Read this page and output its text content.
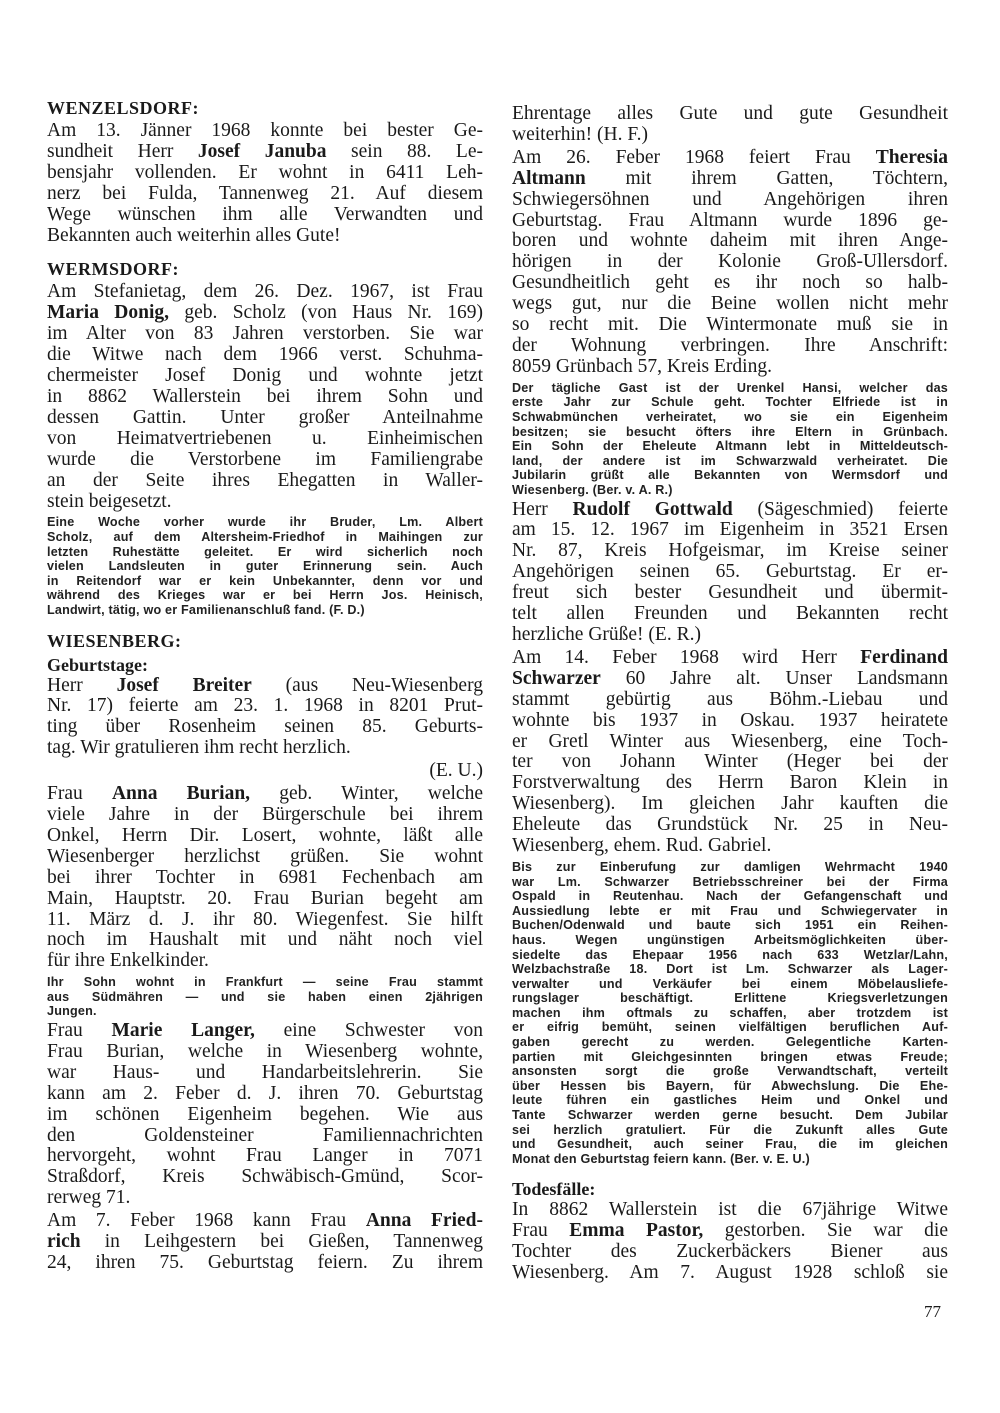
WENZELSDORF:
Am 13. Jänner 1968 konnte bei bester Ge-
sundheit Herr Josef Januba sein 88. Le-
bensjahr vollenden. Er wohnt in 6411 Leh-
nerz bei Fulda, Tannenweg 21. Auf diesem
Wege wünschen ihm alle Verwandten und
Bekannten auch weiterhin alles Gute!
WERMSDORF:
Am Stefanietag, dem 26. Dez. 1967, ist Frau
Maria Donig, geb. Scholz (von Haus Nr. 169)
im Alter von 83 Jahren verstorben. Sie war
die Witwe nach dem 1966 verst. Schuhma-
chermeister Josef Donig und wohnte jetzt
in 8862 Wallerstein bei ihrem Sohn und
dessen Gattin. Unter großer Anteilnahme
von Heimatvertriebenen u. Einheimischen
wurde die Verstorbene im Familiengrabe
an der Seite ihres Ehegatten in Waller-
stein beigesetzt.
Eine Woche vorher wurde ihr Bruder, Lm. Albert
Scholz, auf dem Altersheim-Friedhof in Maihingen zur
letzten Ruhestätte geleitet. Er wird sicherlich noch
vielen Landsleuten in guter Erinnerung sein. Auch
in Reitendorf war er kein Unbekannter, denn vor und
während des Krieges war er bei Herrn Jos. Heinisch,
Landwirt, tätig, wo er Familienanschluß fand. (F. D.)
WIESENBERG:
Geburtstage:
Herr Josef Breiter (aus Neu-Wiesenberg
Nr. 17) feierte am 23. 1. 1968 in 8201 Prut-
ting über Rosenheim seinen 85. Geburts-
tag. Wir gratulieren ihm recht herzlich.
(E. U.)
Frau Anna Burian, geb. Winter, welche
viele Jahre in der Bürgerschule bei ihrem
Onkel, Herrn Dir. Losert, wohnte, läßt alle
Wiesenberger herzlichst grüßen. Sie wohnt
bei ihrer Tochter in 6981 Fechenbach am
Main, Hauptstr. 20. Frau Burian begeht am
11. März d. J. ihr 80. Wiegenfest. Sie hilft
noch im Haushalt mit und näht noch viel
für ihre Enkelkinder.
Ihr Sohn wohnt in Frankfurt — seine Frau stammt
aus Südmähren — und sie haben einen 2jährigen
Jungen.
Frau Marie Langer, eine Schwester von
Frau Burian, welche in Wiesenberg wohnte,
war Haus- und Handarbeitslehrerin. Sie
kann am 2. Feber d. J. ihren 70. Geburtstag
im schönen Eigenheim begehen. Wie aus
den Goldensteiner Familiennachrichten
hervorgeht, wohnt Frau Langer in 7071
Straßdorf, Kreis Schwäbisch-Gmünd, Scor-
rerweg 71.
Am 7. Feber 1968 kann Frau Anna Fried-
rich in Leihgestern bei Gießen, Tannenweg
24, ihren 75. Geburtstag feiern. Zu ihrem
Ehrentage alles Gute und gute Gesundheit
weiterhin! (H. F.)
Am 26. Feber 1968 feiert Frau Theresia
Altmann mit ihrem Gatten, Töchtern,
Schwiegersöhnen und Angehörigen ihren
Geburtstag. Frau Altmann wurde 1896 ge-
boren und wohnte daheim mit ihren Ange-
hörigen in der Kolonie Groß-Ullersdorf.
Gesundheitlich geht es ihr noch so halb-
wegs gut, nur die Beine wollen nicht mehr
so recht mit. Die Wintermonate muß sie in
der Wohnung verbringen. Ihre Anschrift:
8059 Grünbach 57, Kreis Erding.
Der tägliche Gast ist der Urenkel Hansi, welcher das
erste Jahr zur Schule geht. Tochter Elfriede ist in
Schwabmünchen verheiratet, wo sie ein Eigenheim
besitzen; sie besucht öfters ihre Eltern in Grünbach.
Ein Sohn der Eheleute Altmann lebt in Mitteldeutsch-
land, der andere ist im Schwarzwald verheiratet. Die
Jubilarin grüßt alle Bekannten von Wermsdorf und
Wiesenberg. (Ber. v. A. R.)
Herr Rudolf Gottwald (Sägeschmied) feierte
am 15. 12. 1967 im Eigenheim in 3521 Ersen
Nr. 87, Kreis Hofgeismar, im Kreise seiner
Angehörigen seinen 65. Geburtstag. Er er-
freut sich bester Gesundheit und übermit-
telt allen Freunden und Bekannten recht
herzliche Grüße! (E. R.)
Am 14. Feber 1968 wird Herr Ferdinand
Schwarzer 60 Jahre alt. Unser Landsmann
stammt gebürtig aus Böhm.-Liebau und
wohnte bis 1937 in Oskau. 1937 heiratete
er Gretl Winter aus Wiesenberg, eine Toch-
ter von Johann Winter (Heger bei der
Forstverwaltung des Herrn Baron Klein in
Wiesenberg). Im gleichen Jahr kauften die
Eheleute das Grundstück Nr. 25 in Neu-
Wiesenberg, ehem. Rud. Gabriel.
Bis zur Einberufung zur damligen Wehrmacht 1940
war Lm. Schwarzer Betriebsschreiner bei der Firma
Ospald in Reutenhau. Nach der Gefangenschaft und
Aussiedlung lebte er mit Frau und Schwiegervater in
Buchen/Odenwald und baute sich 1951 ein Reihen-
haus. Wegen ungünstigen Arbeitsmöglichkeiten über-
siedelte das Ehepaar 1956 nach 633 Wetzlar/Lahn,
Welzbachstraße 18. Dort ist Lm. Schwarzer als Lager-
verwalter und Verkäufer bei einem Möbelausliefe-
rungslager beschäftigt. Erlittene Kriegsverletzungen
machen ihm oftmals zu schaffen, aber trotzdem ist
er eifrig bemüht, seinen vielfältigen beruflichen Auf-
gaben gerecht zu werden. Gelegentliche Karten-
partien mit Gleichgesinnten bringen etwas Freude;
ansonsten sorgt die große Verwandtschaft, verteilt
über Hessen bis Bayern, für Abwechslung. Die Ehe-
leute führen ein gastliches Heim und Onkel und
Tante Schwarzer werden gerne besucht. Dem Jubilar
sei herzlich gratuliert. Für die Zukunft alles Gute
und Gesundheit, auch seiner Frau, die im gleichen
Monat den Geburtstag feiern kann. (Ber. v. E. U.)
Todesfälle:
In 8862 Wallerstein ist die 67jährige Witwe
Frau Emma Pastor, gestorben. Sie war die
Tochter des Zuckerbäckers Biener aus
Wiesenberg. Am 7. August 1928 schloß sie
77
